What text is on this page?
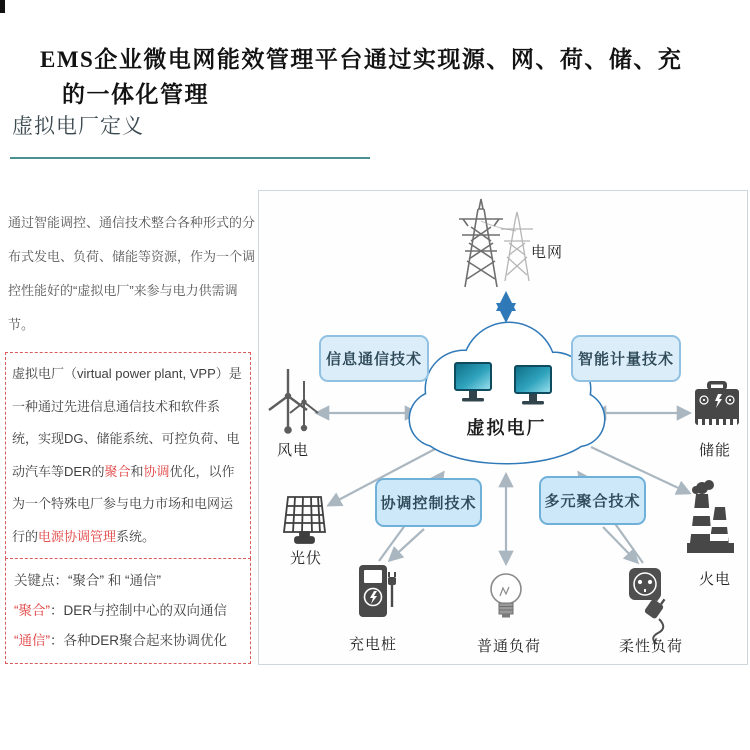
EMS企业微电网能效管理平台通过实现源、网、荷、储、充
的一体化管理
虚拟电厂定义
通过智能调控、通信技术整合各种形式的分布式发电、负荷、储能等资源，作为一个调控性能好的“虚拟电厂”来参与电力供需调节。
虚拟电厂（virtual power plant, VPP）是一种通过先进信息通信技术和软件系统，实现DG、储能系统、可控负荷、电动汽车等DER的聚合和协调优化，以作为一个特殊电厂参与电力市场和电网运行的电源协调管理系统。
关键点：“聚合” 和 “通信”
“聚合”：DER与控制中心的双向通信
“通信”：各种DER聚合起来协调优化
信息通信技术	智能计量技术
协调控制技术	多元聚合技术
虚拟电厂
电网
风电	储能
光伏
充电桩	普通负荷	柔性负荷
火电
